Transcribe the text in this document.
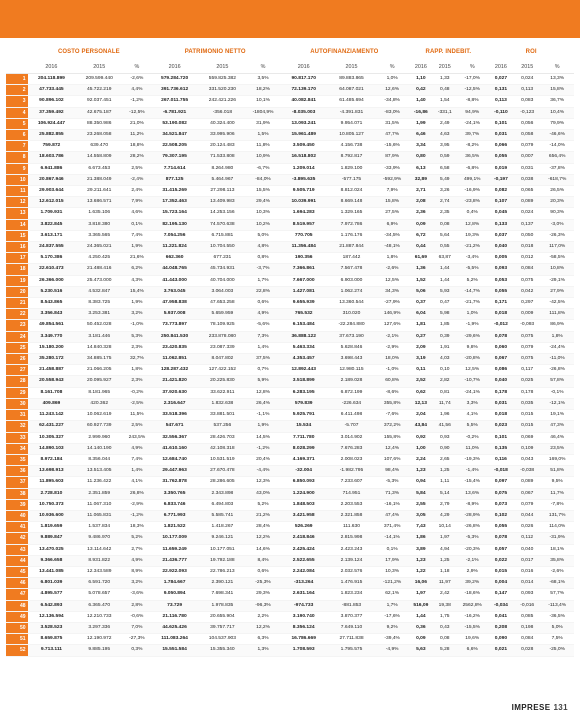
	COSTO PERSONALE			PATRIMONIO NETTO			AUTOFINANZIAMENTO			RAPP. INDEBIT.			ROI		
	2016	2015	%	2016	2015	%	2016	2015	%	2016	2015	%	2016	2015	%
1	204.118.899	209.599.440	-2,6%	579.284.720	559.825.382	3,5%	90.817.170	89.883.865	1,0%	1,10	1,33	-17,0%	0,027	0,024	13,3%
2	47.733.445	45.722.219	4,4%	391.736.612	331.520.230	18,2%	72.139.170	64.087.021	12,6%	0,42	0,48	-12,5%	0,131	0,113	15,8%
3	90.896.102	92.037.451	-1,2%	267.011.755	242.421.226	10,1%	40.082.841	61.485.694	-34,8%	1,40	1,54	-8,8%	0,113	0,083	36,7%
4	37.359.492	42.675.187	-12,5%	-6.781.921	-356.018	-1804,9%	-8.035.003	-4.391.831	-83,0%	-16,86	-331,1	94,9%	-0,110	-0,123	10,4%
5	106.924.447	88.350.986	21,0%	53.190.082	40.324.400	31,9%	13.093.241	9.954.071	31,5%	1,99	2,49	-24,1%	0,101	0,056	79,9%
6	25.882.855	23.268.058	11,2%	34.521.847	33.995.906	1,5%	15.961.489	10.805.127	47,7%	6,46	4,63	39,7%	0,031	0,058	-46,6%
7	759.872	639.470	18,8%	22.508.205	20.124.483	11,8%	3.509.450	4.156.738	-15,6%	3,34	3,95	-8,2%	0,066	0,079	-14,0%
8	18.603.786	14.558.809	28,2%	79.307.195	71.533.808	10,9%	16.518.802	8.792.817	87,9%	0,80	0,59	36,5%	0,055	0,007	656,4%
9	6.941.886	6.673.453	2,5%	7.714.614	8.264.980	-6,7%	1.209.014	1.829.100	-33,9%	6,13	6,58	-6,8%	0,019	0,031	-37,8%
10	20.867.946	21.388.049	-2,4%	877.125	5.464.967	-84,0%	-3.895.635	-577.175	-592,9%	32,89	5,49	499,1%	-0,197	0,038	-618,7%
11	29.903.644	29.211.641	2,4%	31.415.269	27.298.113	15,5%	9.505.719	8.812.024	7,9%	2,71	3,26	-16,9%	0,082	0,065	26,5%
12	12.612.015	13.686.571	7,9%	17.352.463	13.409.983	29,4%	10.039.991	8.669.148	15,8%	2,08	2,74	-23,8%	0,107	0,089	20,3%
13	1.709.931	1.635.106	4,6%	15.723.164	14.253.156	10,3%	1.694.283	1.329.165	27,5%	2,36	2,35	0,4%	0,045	0,024	90,3%
14	3.822.845	3.818.380	0,1%	82.195.130	74.570.638	10,2%	8.519.957	7.972.786	6,9%	0,09	0,08	12,8%	0,133	0,137	-3,0%
15	3.613.171	3.365.565	7,4%	7.054.256	6.715.881	5,0%	770.705	1.176.176	-34,5%	6,72	5,64	19,3%	0,037	0,050	-26,3%
16	24.837.555	24.365.021	1,9%	11.221.824	10.704.550	4,8%	11.356.484	21.887.844	-48,1%	0,44	0,55	-21,2%	0,040	0,018	117,0%
17	5.170.386	4.250.425	21,6%	662.360	677.231	0,8%	190.356	187.442	1,8%	61,69	63,87	-3,4%	0,005	0,012	-58,5%
18	22.610.473	21.488.416	6,2%	44.048.765	45.734.931	-3,7%	7.366.861	7.567.478	-2,6%	1,36	1,44	-5,5%	0,093	0,084	10,8%
19	26.366.000	25.473.000	4,3%	41.443.000	40.704.000	1,7%	7.667.000	6.903.000	12,5%	1,52	1,44	5,2%	0,053	0,075	-29,1%
20	5.230.516	4.532.847	15,4%	3.763.045	3.064.003	22,8%	1.427.081	1.062.274	34,3%	5,06	5,93	-14,7%	0,055	0,042	27,9%
21	8.543.865	8.383.725	1,9%	47.958.838	47.653.258	0,6%	9.655.939	13.360.544	-27,9%	0,37	0,47	-21,7%	0,171	0,297	-42,5%
22	3.356.843	3.253.381	3,2%	5.937.008	5.659.959	4,9%	765.532	310.020	146,9%	6,04	5,98	1,0%	0,018	0,009	111,8%
23	49.854.561	50.452.028	-1,0%	73.773.897	78.109.925	-5,6%	6.153.484	-22.284.880	127,6%	1,81	1,85	-1,9%	-0,012	-0,093	86,9%
24	3.349.770	3.181.446	5,3%	250.841.530	233.878.080	7,3%	36.888.122	37.673.190	-2,1%	0,27	0,39	-29,6%	0,078	0,075	1,8%
25	15.180.200	14.840.328	2,3%	23.420.835	23.087.339	1,4%	5.463.334	5.628.846	-2,9%	2,09	1,91	9,8%	0,060	0,079	-24,4%
26	35.280.172	34.885.175	32,7%	11.062.851	8.047.802	37,5%	4.353.457	3.698.443	18,0%	3,19	4,03	-20,8%	0,067	0,075	-11,0%
27	21.458.887	21.066.205	1,8%	128.287.432	127.422.152	0,7%	12.892.443	12.980.115	-1,0%	0,11	0,10	12,5%	0,086	0,117	-26,8%
28	20.558.943	20.095.927	2,3%	21.421.820	20.225.830	5,9%	3.518.899	2.189.028	60,8%	2,52	2,82	-10,7%	0,040	0,025	57,8%
29	8.161.708	8.181.965	-0,2%	37.920.630	33.622.911	12,8%	6.283.195	6.872.199	-8,6%	0,62	0,81	-24,1%	0,178	0,178	-0,1%
30	409.869	420.362	-2,5%	2.316.647	1.832.638	26,4%	579.839	-226.634	355,8%	12,13	11,74	3,3%	0,031	0,035	-12,1%
31	11.243.142	10.062.619	11,5%	33.518.396	33.881.501	-1,1%	5.925.791	6.411.498	-7,6%	2,04	1,96	4,1%	0,018	0,015	19,1%
32	62.431.227	60.927.739	2,5%	547.671	537.256	1,9%	15.534	-5.707	372,2%	43,84	41,56	5,5%	0,023	0,015	47,3%
33	10.305.327	2.999.960	243,5%	32.556.367	28.426.703	14,5%	7.711.780	3.014.902	155,8%	0,92	0,93	-0,2%	0,101	0,069	46,4%
34	14.890.103	14.140.190	4,9%	41.610.160	42.108.318	-1,2%	8.028.299	7.676.283	12,4%	1,00	0,90	11,0%	0,135	0,109	23,5%
35	8.972.184	8.356.044	7,4%	12.684.740	10.531.519	20,4%	4.169.371	2.008.023	107,6%	2,24	2,65	-19,3%	0,116	0,043	169,0%
36	13.698.913	13.513.405	1,4%	29.447.963	27.670.478	-4,4%	-32.004	-1.982.795	98,4%	1,23	1,25	-1,4%	-0,018	-0,038	51,8%
37	11.895.603	11.236.422	4,1%	31.762.878	28.286.605	12,3%	6.850.093	7.233.607	-5,3%	0,94	1,11	-15,4%	0,097	0,089	9,5%
38	2.728.810	2.351.859	26,8%	3.350.765	2.343.898	43,0%	1.224.900	714.951	71,3%	5,84	5,14	13,6%	0,075	0,067	11,7%
39	10.750.373	11.067.310	-2,9%	6.833.746	6.494.803	5,2%	1.848.503	2.203.553	-16,1%	2,55	2,79	-8,9%	0,073	0,079	-7,8%
40	10.936.600	11.065.831	-1,2%	6.771.993	5.585.741	21,2%	3.421.958	2.321.858	47,4%	3,05	4,29	-28,9%	0,102	0,044	131,7%
41	1.819.659	1.537.834	18,3%	1.821.522	1.418.267	28,4%	526.269	111.630	371,4%	7,43	10,14	-26,8%	0,055	0,026	114,0%
42	9.889.847	9.486.970	5,2%	10.177.009	9.246.121	12,2%	2.418.846	2.815.998	-14,1%	1,86	1,97	-5,3%	0,078	0,112	-31,9%
43	13.470.025	13.114.642	2,7%	11.659.249	10.177.051	14,6%	2.425.424	2.423.243	0,1%	3,89	4,94	-20,3%	0,057	0,040	18,1%
44	9.366.658	8.931.822	4,9%	21.436.777	19.792.188	8,4%	2.522.655	2.139.124	17,9%	1,23	1,25	-2,1%	0,022	0,017	35,8%
45	13.441.085	12.343.589	8,9%	22.922.093	22.786.213	0,6%	2.242.084	2.032.576	10,3%	1,22	1,18	2,9%	0,015	0,016	-2,6%
46	6.801.039	6.591.720	3,2%	1.784.667	2.390.121	-25,3%	-313.264	1.476.915	-121,2%	16,06	11,97	39,2%	0,004	0,014	-68,1%
47	4.895.577	5.078.657	-3,6%	9.050.894	7.698.341	29,3%	2.631.164	1.823.234	62,1%	1,97	2,42	-18,6%	0,147	0,093	57,7%
48	6.542.893	6.365.470	2,8%	73.729	1.978.835	-96,3%	-974.733	-881.853	1,7%	516,09	19,38	2562,8%	-0,034	-0,016	-113,4%
49	12.136.594	12.210.733	-0,6%	21.116.780	20.655.904	2,2%	3.190.740	3.870.377	-17,6%	1,44	1,75	-16,2%	0,041	0,085	-36,5%
50	3.528.523	3.297.336	7,0%	44.625.426	39.757.717	12,2%	8.356.124	7.649.110	9,2%	0,36	0,43	-15,5%	0,208	0,198	5,0%
51	8.659.875	12.190.972	-27,3%	111.083.264	104.537.903	6,3%	16.786.669	27.711.838	-39,4%	0,09	0,08	19,6%	0,090	0,084	7,5%
52	9.713.111	9.885.195	0,3%	15.551.584	15.355.340	1,3%	1.708.593	1.795.575	-4,9%	5,63	5,28	6,6%	0,021	0,028	-25,0%
IMPRESE 131
